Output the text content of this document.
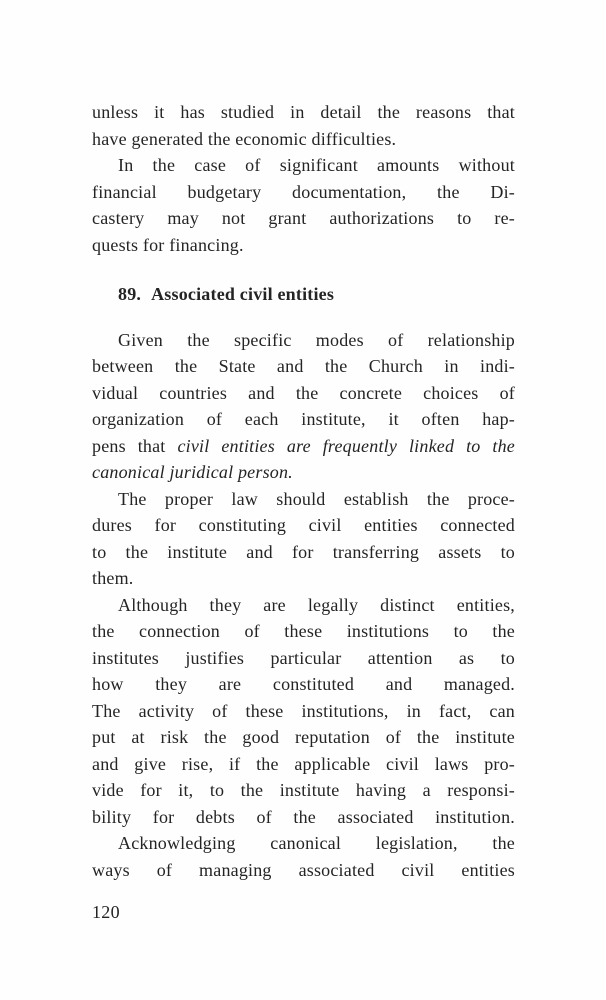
unless it has studied in detail the reasons that
have generated the economic difficulties.

In the case of significant amounts without
financial budgetary documentation, the Di-
castery may not grant authorizations to re-
quests for financing.

89. Associated civil entities

Given the specific modes of relationship
between the State and the Church in indi-
vidual countries and the concrete choices of
organization of each institute, it often hap-
pens that civil entities are frequently linked to the
canonical juridical person.

The proper law should establish the proce-
dures for constituting civil entities connected
to the institute and for transferring assets to
them.

Although they are legally distinct entities,
the connection of these institutions to the
institutes justifies particular attention as to
how they are constituted and managed.
The activity of these institutions, in fact, can
put at risk the good reputation of the institute
and give rise, if the applicable civil laws pro-
vide for it, to the institute having a responsi-
bility for debts of the associated institution.

Acknowledging canonical legislation, the
ways of managing associated civil entities

120
